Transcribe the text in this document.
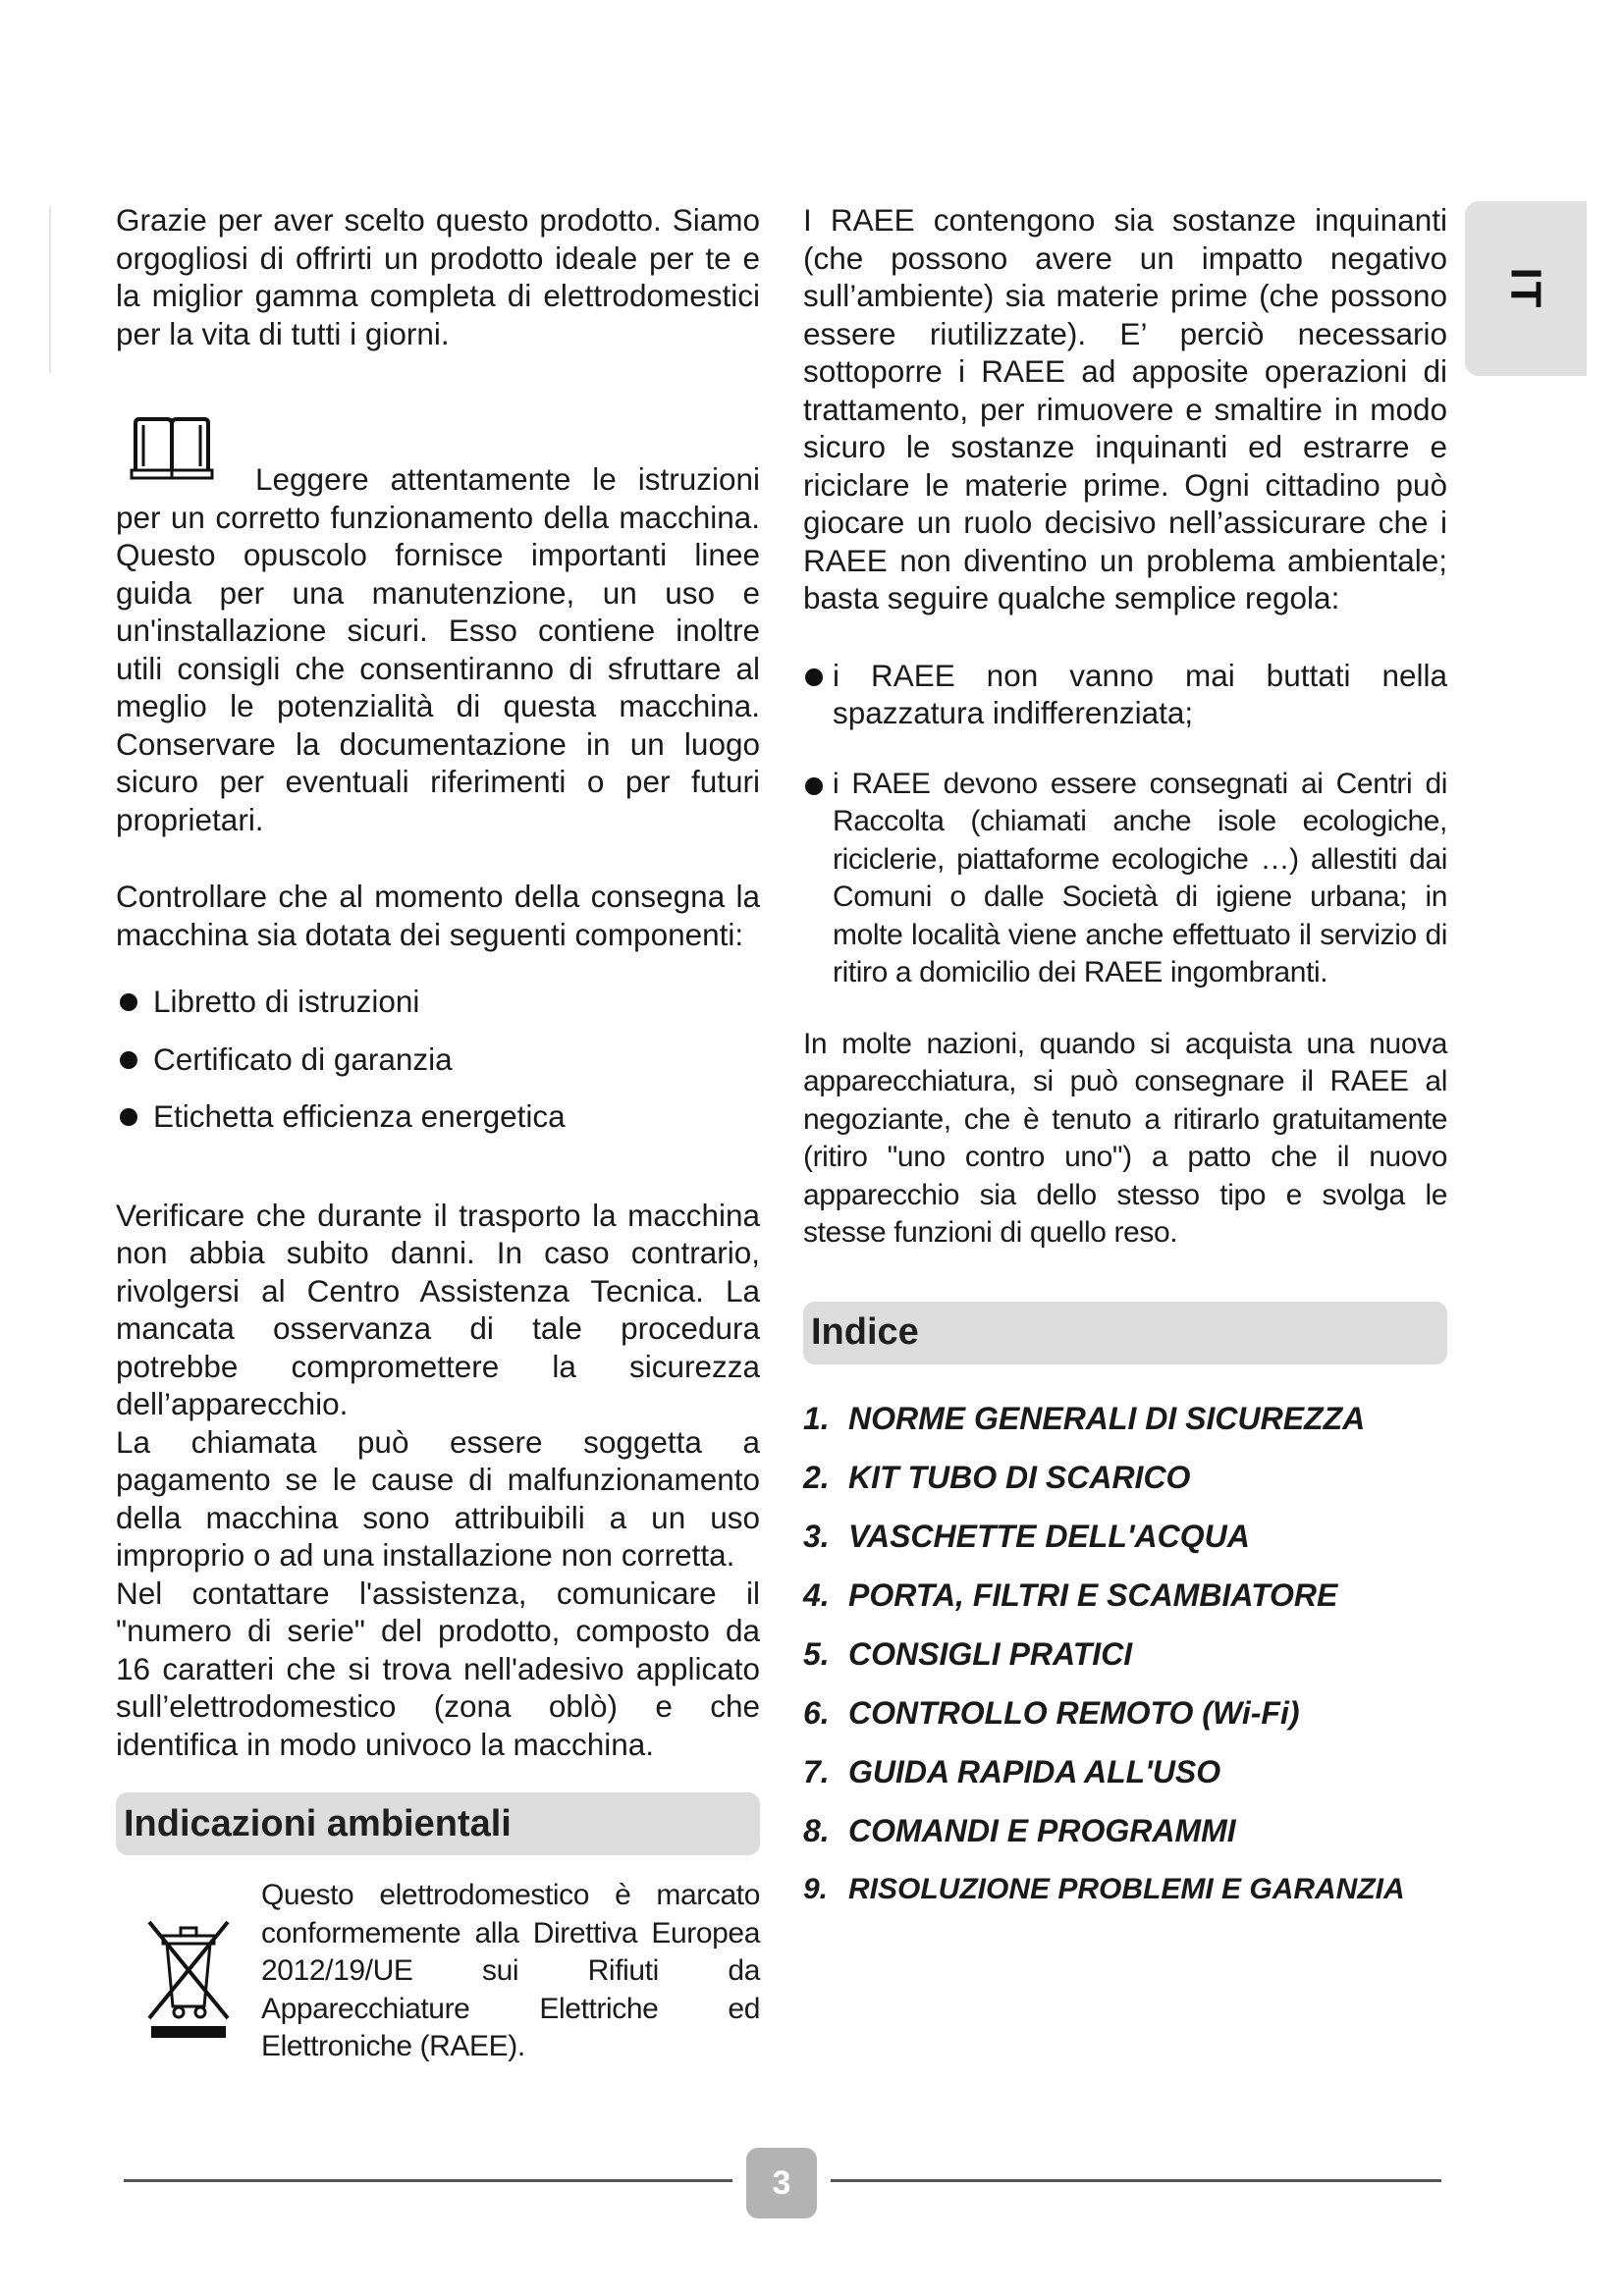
Grazie per aver scelto questo prodotto. Siamo orgogliosi di offrirti un prodotto ideale per te e la miglior gamma completa di elettrodomestici per la vita di tutti i giorni.

Leggere attentamente le istruzioni per un corretto funzionamento della macchina. Questo opuscolo fornisce importanti linee guida per una manutenzione, un uso e un'installazione sicuri. Esso contiene inoltre utili consigli che consentiranno di sfruttare al meglio le potenzialità di questa macchina. Conservare la documentazione in un luogo sicuro per eventuali riferimenti o per futuri proprietari.

Controllare che al momento della consegna la macchina sia dotata dei seguenti componenti:

Libretto di istruzioni
Certificato di garanzia
Etichetta efficienza energetica

Verificare che durante il trasporto la macchina non abbia subito danni. In caso contrario, rivolgersi al Centro Assistenza Tecnica. La mancata osservanza di tale procedura potrebbe compromettere la sicurezza dell’apparecchio.

La chiamata può essere soggetta a pagamento se le cause di malfunzionamento della macchina sono attribuibili a un uso improprio o ad una installazione non corretta.

Nel contattare l'assistenza, comunicare il "numero di serie" del prodotto, composto da 16 caratteri che si trova nell'adesivo applicato sull’elettrodomestico (zona oblò) e che identifica in modo univoco la macchina.

Indicazioni ambientali

Questo elettrodomestico è marcato conformemente alla Direttiva Europea 2012/19/UE sui Rifiuti da Apparecchiature Elettriche ed Elettroniche (RAEE).

I RAEE contengono sia sostanze inquinanti (che possono avere un impatto negativo sull’ambiente) sia materie prime (che possono essere riutilizzate). E’ perciò necessario sottoporre i RAEE ad apposite operazioni di trattamento, per rimuovere e smaltire in modo sicuro le sostanze inquinanti ed estrarre e riciclare le materie prime. Ogni cittadino può giocare un ruolo decisivo nell’assicurare che i RAEE non diventino un problema ambientale; basta seguire qualche semplice regola:

i RAEE non vanno mai buttati nella spazzatura indifferenziata;
i RAEE devono essere consegnati ai Centri di Raccolta (chiamati anche isole ecologiche, riciclerie, piattaforme ecologiche …) allestiti dai Comuni o dalle Società di igiene urbana; in molte località viene anche effettuato il servizio di ritiro a domicilio dei RAEE ingombranti.

In molte nazioni, quando si acquista una nuova apparecchiatura, si può consegnare il RAEE al negoziante, che è tenuto a ritirarlo gratuitamente (ritiro "uno contro uno") a patto che il nuovo apparecchio sia dello stesso tipo e svolga le stesse funzioni di quello reso.

Indice
1. NORME GENERALI DI SICUREZZA
2. KIT TUBO DI SCARICO
3. VASCHETTE DELL'ACQUA
4. PORTA, FILTRI E SCAMBIATORE
5. CONSIGLI PRATICI
6. CONTROLLO REMOTO (Wi-Fi)
7. GUIDA RAPIDA ALL'USO
8. COMANDI E PROGRAMMI
9. RISOLUZIONE PROBLEMI E GARANZIA
IT
3
